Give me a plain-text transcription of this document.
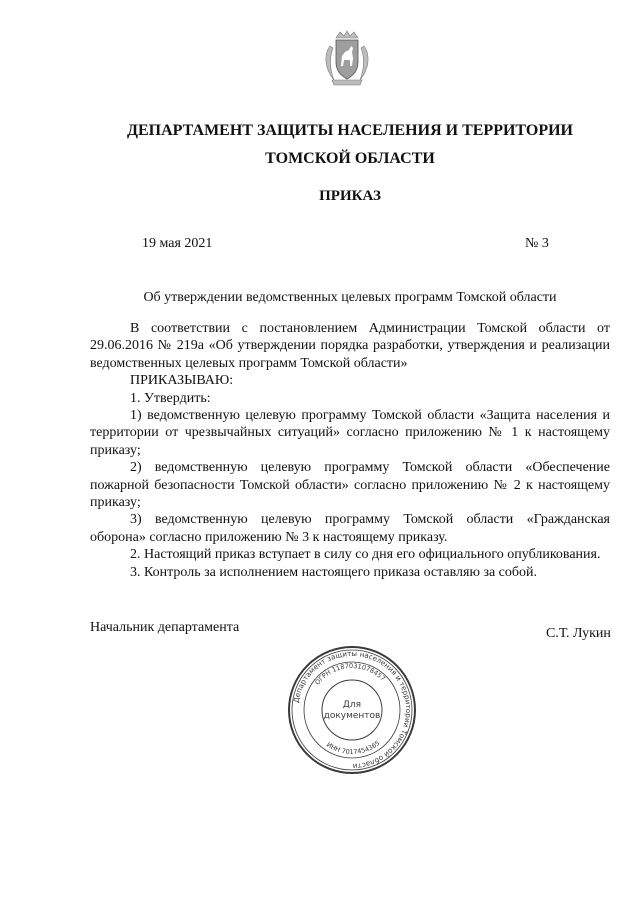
ДЕПАРТАМЕНТ ЗАЩИТЫ НАСЕЛЕНИЯ И ТЕРРИТОРИИ
ТОМСКОЙ ОБЛАСТИ
ПРИКАЗ
19 мая 2021	№ 3
Об утверждении ведомственных целевых программ Томской области

В соответствии с постановлением Администрации Томской области от 29.06.2016 № 219а «Об утверждении порядка разработки, утверждения и реализации ведомственных целевых программ Томской области»

ПРИКАЗЫВАЮ:

1. Утвердить:

1) ведомственную целевую программу Томской области «Защита населения и территории от чрезвычайных ситуаций» согласно приложению № 1 к настоящему приказу;

2) ведомственную целевую программу Томской области «Обеспечение пожарной безопасности Томской области» согласно приложению № 2 к настоящему приказу;

3) ведомственную целевую программу Томской области «Гражданская оборона» согласно приложению № 3 к настоящему приказу.

2. Настоящий приказ вступает в силу со дня его официального опубликования.

3. Контроль за исполнением настоящего приказа оставляю за собой.

Начальник департамента	С.Т. Лукин
Департамент защиты населения и территории Томской области
ОГРН 1187031078457
ИНН 7017454365
Для
документов
